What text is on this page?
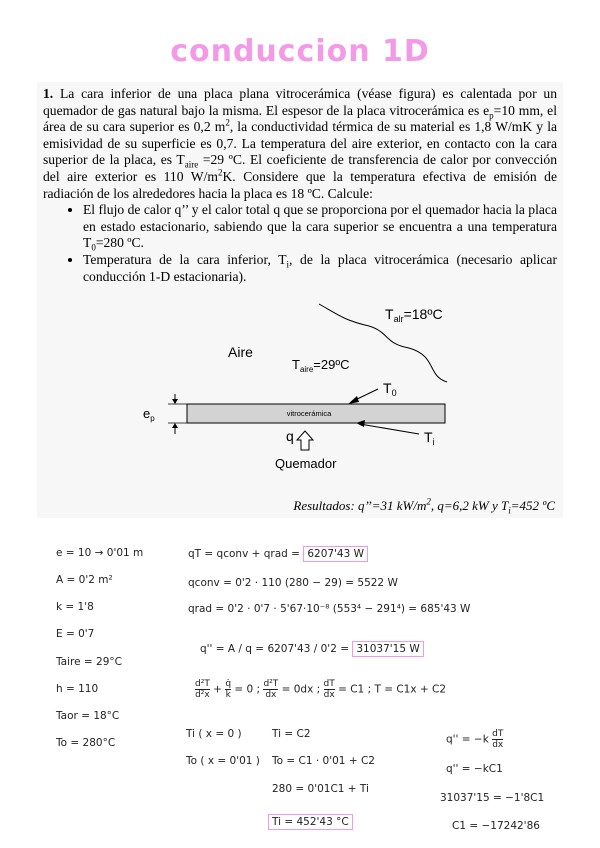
conduccion 1D
1. La cara inferior de una placa plana vitrocerámica (véase figura) es calentada por un quemador de gas natural bajo la misma. El espesor de la placa vitrocerámica es $e_p=10$ mm, el área de su cara superior es 0,2 $m^2$, la conductividad térmica de su material es 1,8 W/mK y la emisividad de su superficie es 0,7. La temperatura del aire exterior, en contacto con la cara superior de la placa, es $T_{aire} =29$ ºC. El coeficiente de transferencia de calor por convección del aire exterior es 110 $W/m^2K$. Considere que la temperatura efectiva de emisión de radiación de los alrededores hacia la placa es 18 ºC. Calcule:
• El flujo de calor q’’ y el calor total q que se proporciona por el quemador hacia la placa en estado estacionario, sabiendo que la cara superior se encuentra a una temperatura $T_0=280$ ºC.
• Temperatura de la cara inferior, $T_i$, de la placa vitrocerámica (necesario aplicar conducción 1-D estacionaria).
$T_{alr}=18ºC$
Aire
$T_{aire}=29ºC$
$T_0$
vitrocerámica
$e_p$
q	$T_i$
Quemador
Resultados: q’’=31 $kW/m^2$, q=6,2 kW y $T_i=452$ ºC
e = 10 → 0'01 m
A = 0'2 m²
k = 1'8
E = 0'7
Taire = 29°C
h = 110
Taor = 18°C
To = 280°C
qT = qconv + qrad = 6207'43 W
qconv = 0'2 · 110 (280 − 29) = 5522 W
qrad = 0'2 · 0'7 · 5'67·10⁻⁸ (553⁴ − 291⁴) = 685'43 W
q'' = A / q = 6207'43 / 0'2 = 31037'15 W
$\frac{\text{d²T}}{\text{d²x}} + \frac{q̇}{k} = 0$ ; $\frac{\text{d²T}}{dx} = 0dx$ ; $\frac{dT}{dx} = C1$ ; T = C1x + C2
Ti ( x = 0 )	Ti = C2
To ( x = 0'01 ) To = C1 · 0'01 + C2
280 = 0'01C1 + Ti
Ti = 452'43 °C
$q'' = -k \frac{dT}{dx}$
q'' = −kC1
31037'15 = −1'8C1
C1 = −17242'86
